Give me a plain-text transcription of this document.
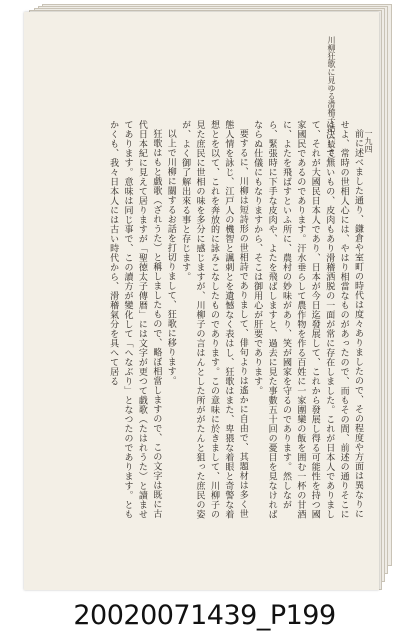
川柳狂歌に見ゆる滑稽子話（続き）	一九四

前に述べました通り、鎌倉や室町の時代は度々ありましたので、その程度や方面は異なりにせよ、常時の世相人心には、やはり相當なものがあったので、而もその間、前述の通りそこには決して無いもの、皮肉もあり滑稽洒脱の一面が常に存在しました。これが日本人でありまして、それが大國民日本人であり、日本が今日迄發展して、これから發展し得る可能性を持つ國家國民であるのであります。汗水垂らして農作物を作る百姓に一家團欒の飯を囲む一杯の甘酒に、よたを飛ばすといふ所に、農村の妙味があり、笑が國家を守るのであります。然しながら、緊張時に下手な皮肉や、よたを飛ばしますと、過去に見た事數五十回の憂目を見なければならぬ仕儀にもなりますから、そこは御用心が肝要であります。

要するに、川柳は短詩形の世相詩でありまして、俳句よりは遙かに自由で、其題材は多く世態人情を詠じ、江戸人の機智と諷刺とを遺憾なく表はし、狂歌はまた、卑猥な着眼と奇警な着想とを以て、これを奔放的に詠みこなしたものであります。この意味に於きまして、川柳子の見た庶民に世相の味を多分に感じますが、川柳子の言はんとした所ががたんと狙った庶民の姿が、よく御了解出來る事と存じます。

以上で川柳に關するお話を打切りまして、狂歌に移ります。

狂歌はもと戯歌（ざれうた）と稱しましたもので、略ぼ相當しますので、この文字は既に古代日本紀に見えて居りますが「聖徳太子傳暦」には文字が更つて戯歌（たはれうた）と讀ませてあります。意味は同じ事で、この讀方が變化して「へなぶり」となつたのであります。ともかくも、我々日本人には古い時代から、滑稽氣分を具へて居る

20020071439_P199
